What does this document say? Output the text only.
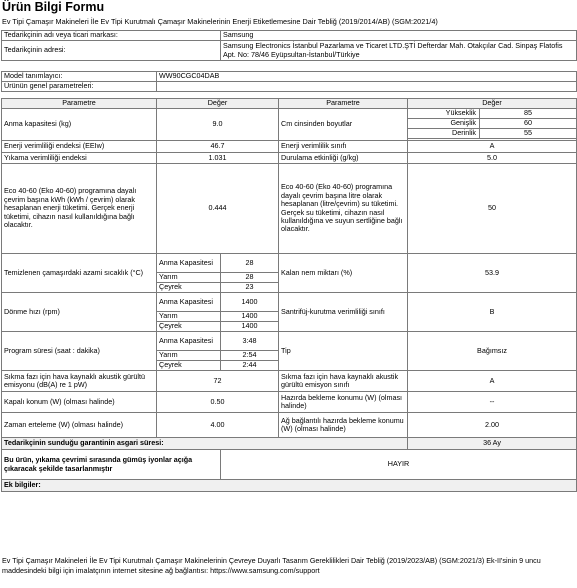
Ürün Bilgi Formu
Ev Tipi Çamaşır Makineleri İle Ev Tipi Kurutmalı Çamaşır Makinelerinin Enerji Etiketlemesine Dair Tebliğ (2019/2014/AB) (SGM:2021/4)
Tedarikçinin adı veya ticari markası:	Samsung
Tedarikçinin adresi:	Samsung Electronics İstanbul Pazarlama ve Ticaret LTD.ŞTİ Defterdar Mah. Otakçılar Cad. Sinpaş Flatofis
Apt. No: 78/46 Eyüpsultan-İstanbul/Türkiye
Model tanımlayıcı:	WW90CGC04DAB
Ürünün genel parametreleri:	
Parametre	Değer		Parametre	Değer
Anma kapasitesi (kg)	9.0		Cm cinsinden boyutlar	Yükseklik 85

				Genişlik 60

				Derinlik 55

Enerji verimliliği endeksi (EEIw)	46.7		Enerji verimlilik sınıfı	A
Yıkama verimliliği endeksi	1.031		Durulama etkinliği (g/kg)	5.0
Eco 40-60 (Eko 40-60) programına dayalı çevrim başına kWh (kWh / çevrim) olarak hesaplanan enerji tüketimi. Gerçek enerji tüketimi, cihazın nasıl kullanıldığına bağlı olacaktır.	0.444		Eco 40-60 (Eko 40-60) programına dayalı çevrim başına litre olarak hesaplanan (litre/çevrim) su tüketimi. Gerçek su tüketimi, cihazın nasıl kullanıldığına ve suyun sertliğine bağlı olacaktır.	50
Temizlenen çamaşırdaki azami sıcaklık (°C)	Anma Kapasitesi	28	Kalan nem miktarı (%)	53.9
	Yarım	28		
	Çeyrek	23		
Dönme hızı (rpm)	Anma Kapasitesi	1400	Santrifüj-kurutma verimliliği sınıfı	B
	Yarım	1400		
	Çeyrek	1400		
Program süresi (saat : dakika)	Anma Kapasitesi	3:48	Tip	Bağımsız
	Yarım	2:54		
	Çeyrek	2:44		
Sıkma fazı için hava kaynaklı akustik gürültü emisyonu (dB(A) re 1 pW)	72		Sıkma fazı için hava kaynaklı akustik gürültü emisyon sınıfı	A
Kapalı konum (W) (olması halinde)	0.50		Hazırda bekleme konumu (W) (olması halinde)	--
Zaman erteleme (W) (olması halinde)	4.00		Ağ bağlantılı hazırda bekleme konumu (W) (olması halinde)	2.00
Tedarikçinin sunduğu garantinin asgari süresi:				36 Ay
Bu ürün, yıkama çevrimi sırasında gümüş iyonlar açığa çıkaracak şekilde tasarlanmıştır		HAYIR		
Ek bilgiler:				
Ev Tipi Çamaşır Makineleri İle Ev Tipi Kurutmalı Çamaşır Makinelerinin Çevreye Duyarlı Tasarım Gereklilikleri Dair Tebliğ (2019/2023/AB) (SGM:2021/3) Ek-II'sinin 9 uncu maddesindeki bilgi için imalatçının internet sitesine ağ bağlantısı: https://www.samsung.com/support
